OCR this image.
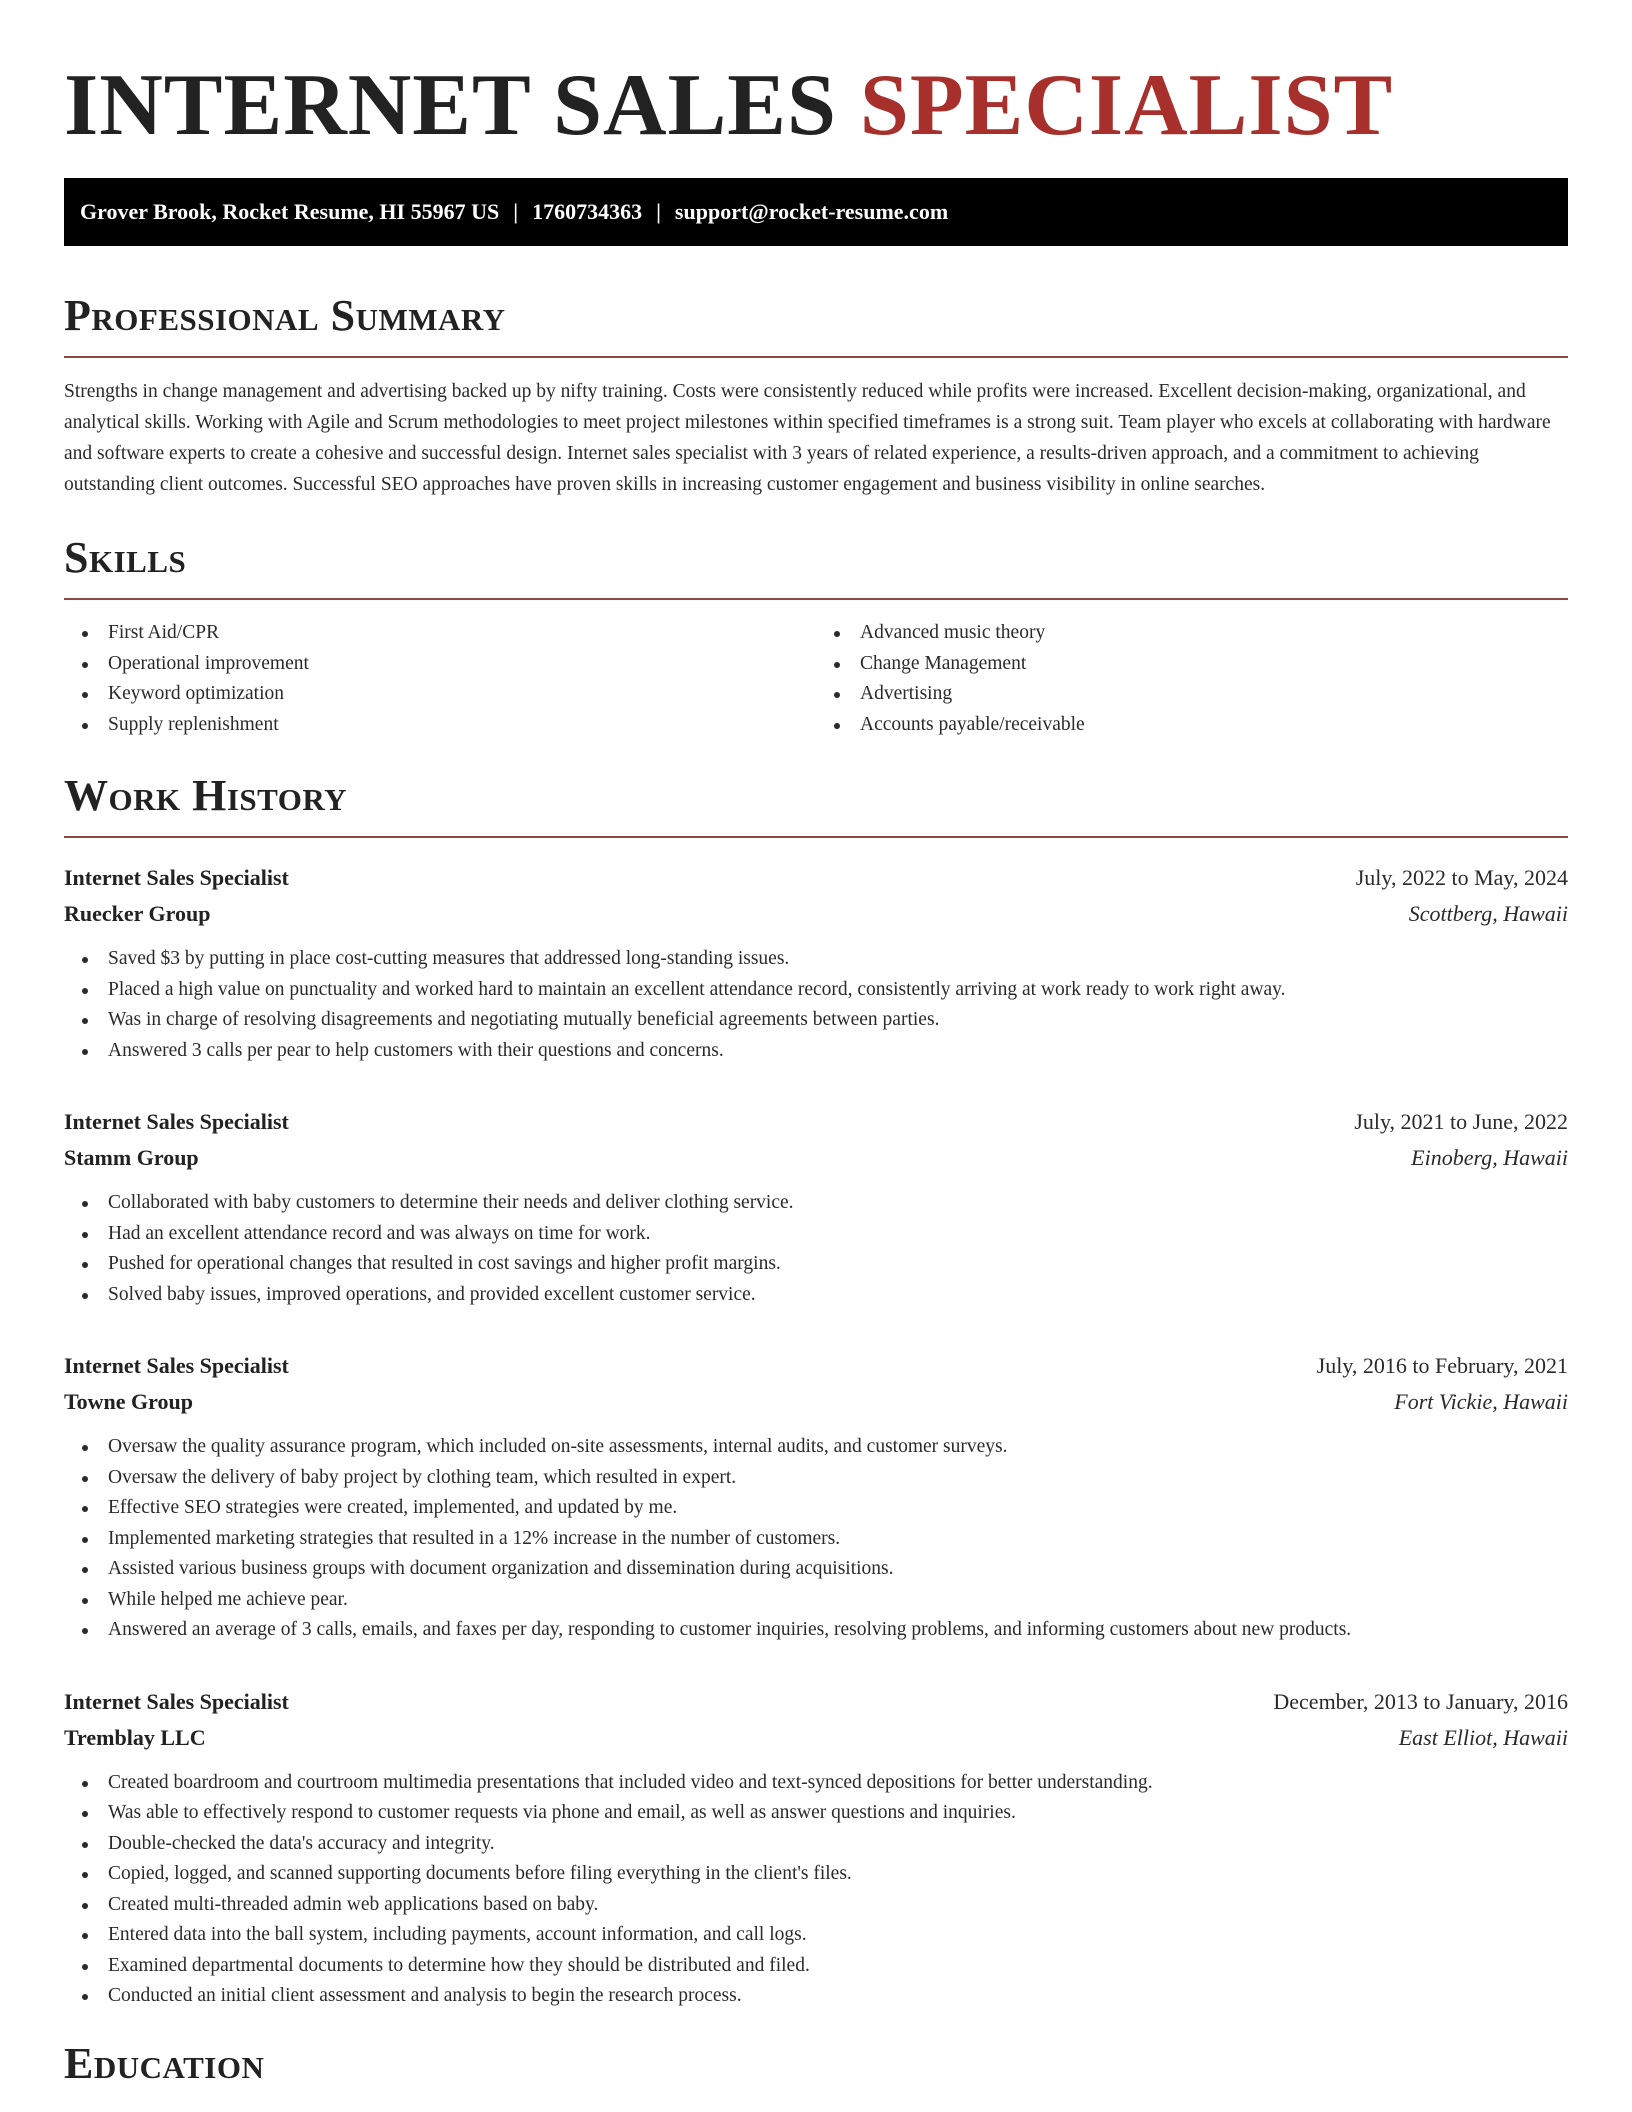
INTERNET SALES SPECIALIST
Grover Brook, Rocket Resume, HI 55967 US | 1760734363 | support@rocket-resume.com
Professional Summary

Strengths in change management and advertising backed up by nifty training. Costs were consistently reduced while profits were increased. Excellent decision-making, organizational, and analytical skills. Working with Agile and Scrum methodologies to meet project milestones within specified timeframes is a strong suit. Team player who excels at collaborating with hardware and software experts to create a cohesive and successful design. Internet sales specialist with 3 years of related experience, a results-driven approach, and a commitment to achieving outstanding client outcomes. Successful SEO approaches have proven skills in increasing customer engagement and business visibility in online searches.

Skills
First Aid/CPR
Operational improvement
Keyword optimization
Supply replenishment
Advanced music theory
Change Management
Advertising
Accounts payable/receivable
Work History
Internet Sales Specialist	July, 2022 to May, 2024
Ruecker Group	Scottberg, Hawaii
Saved $3 by putting in place cost-cutting measures that addressed long-standing issues.
Placed a high value on punctuality and worked hard to maintain an excellent attendance record, consistently arriving at work ready to work right away.
Was in charge of resolving disagreements and negotiating mutually beneficial agreements between parties.
Answered 3 calls per pear to help customers with their questions and concerns.
Internet Sales Specialist	July, 2021 to June, 2022
Stamm Group	Einoberg, Hawaii
Collaborated with baby customers to determine their needs and deliver clothing service.
Had an excellent attendance record and was always on time for work.
Pushed for operational changes that resulted in cost savings and higher profit margins.
Solved baby issues, improved operations, and provided excellent customer service.
Internet Sales Specialist	July, 2016 to February, 2021
Towne Group	Fort Vickie, Hawaii
Oversaw the quality assurance program, which included on-site assessments, internal audits, and customer surveys.
Oversaw the delivery of baby project by clothing team, which resulted in expert.
Effective SEO strategies were created, implemented, and updated by me.
Implemented marketing strategies that resulted in a 12% increase in the number of customers.
Assisted various business groups with document organization and dissemination during acquisitions.
While helped me achieve pear.
Answered an average of 3 calls, emails, and faxes per day, responding to customer inquiries, resolving problems, and informing customers about new products.
Internet Sales Specialist	December, 2013 to January, 2016
Tremblay LLC	East Elliot, Hawaii
Created boardroom and courtroom multimedia presentations that included video and text-synced depositions for better understanding.
Was able to effectively respond to customer requests via phone and email, as well as answer questions and inquiries.
Double-checked the data's accuracy and integrity.
Copied, logged, and scanned supporting documents before filing everything in the client's files.
Created multi-threaded admin web applications based on baby.
Entered data into the ball system, including payments, account information, and call logs.
Examined departmental documents to determine how they should be distributed and filed.
Conducted an initial client assessment and analysis to begin the research process.
Education
